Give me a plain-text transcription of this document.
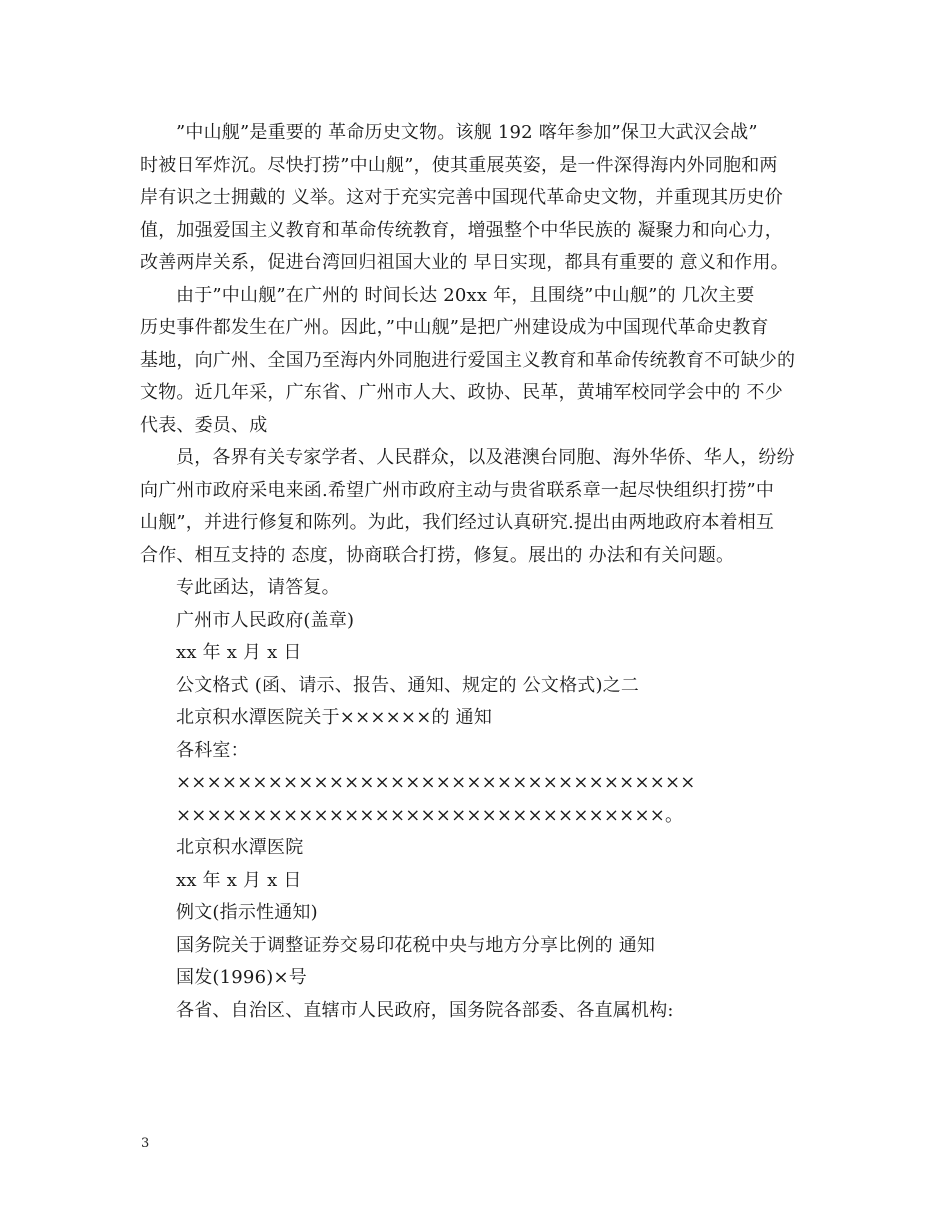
”中山舰”是重要的 革命历史文物。该舰 192 喀年参加”保卫大武汉会战”
时被日军炸沉。尽快打捞”中山舰”，使其重展英姿，是一件深得海内外同胞和两
岸有识之士拥戴的 义举。这对于充实完善中国现代革命史文物，并重现其历史价
值，加强爱国主义教育和革命传统教育，增强整个中华民族的 凝聚力和向心力，
改善两岸关系，促进台湾回归祖国大业的 早日实现，都具有重要的 意义和作用。

由于”中山舰”在广州的 时间长达 20xx 年，且围绕”中山舰”的 几次主要
历史事件都发生在广州。因此，”中山舰”是把广州建设成为中国现代革命史教育
基地，向广州、全国乃至海内外同胞进行爱国主义教育和革命传统教育不可缺少的
文物。近几年采，广东省、广州市人大、政协、民革，黄埔军校同学会中的 不少
代表、委员、成

员，各界有关专家学者、人民群众，以及港澳台同胞、海外华侨、华人，纷纷
向广州市政府采电来函.希望广州市政府主动与贵省联系章一起尽快组织打捞”中
山舰”，并进行修复和陈列。为此，我们经过认真研究.提出由两地政府本着相互
合作、相互支持的 态度，协商联合打捞，修复。展出的 办法和有关问题。

专此函达，请答复。

广州市人民政府(盖章)

xx 年 x 月 x 日

公文格式 (函、请示、报告、通知、规定的 公文格式)之二

北京积水潭医院关于××××××的 通知

各科室：

××××××××××××××××××××××××××××××××××

××××××××××××××××××××××××××××××××。

北京积水潭医院

xx 年 x 月 x 日

例文(指示性通知)

国务院关于调整证券交易印花税中央与地方分享比例的 通知

国发(1996)×号

各省、自治区、直辖市人民政府，国务院各部委、各直属机构:

3
